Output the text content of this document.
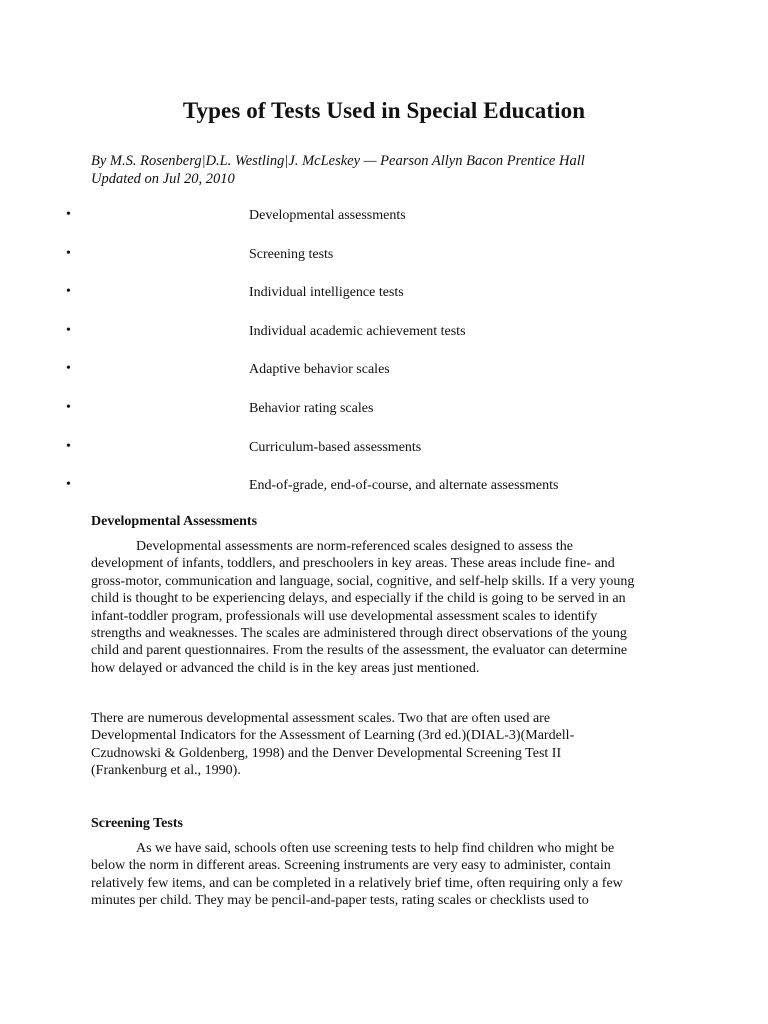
Types of Tests Used in Special Education

By M.S. Rosenberg|D.L. Westling|J. McLeskey — Pearson Allyn Bacon Prentice Hall
Updated on Jul 20, 2010

•	Developmental assessments
•	Screening tests
•	Individual intelligence tests
•	Individual academic achievement tests
•	Adaptive behavior scales
•	Behavior rating scales
•	Curriculum-based assessments
•	End-of-grade, end-of-course, and alternate assessments
Developmental Assessments

Developmental assessments are norm-referenced scales designed to assess the
development of infants, toddlers, and preschoolers in key areas. These areas include fine- and
gross-motor, communication and language, social, cognitive, and self-help skills. If a very young
child is thought to be experiencing delays, and especially if the child is going to be served in an
infant-toddler program, professionals will use developmental assessment scales to identify
strengths and weaknesses. The scales are administered through direct observations of the young
child and parent questionnaires. From the results of the assessment, the evaluator can determine
how delayed or advanced the child is in the key areas just mentioned.

There are numerous developmental assessment scales. Two that are often used are
Developmental Indicators for the Assessment of Learning (3rd ed.)(DIAL-3)(Mardell-
Czudnowski & Goldenberg, 1998) and the Denver Developmental Screening Test II
(Frankenburg et al., 1990).

Screening Tests

As we have said, schools often use screening tests to help find children who might be
below the norm in different areas. Screening instruments are very easy to administer, contain
relatively few items, and can be completed in a relatively brief time, often requiring only a few
minutes per child. They may be pencil-and-paper tests, rating scales or checklists used to
